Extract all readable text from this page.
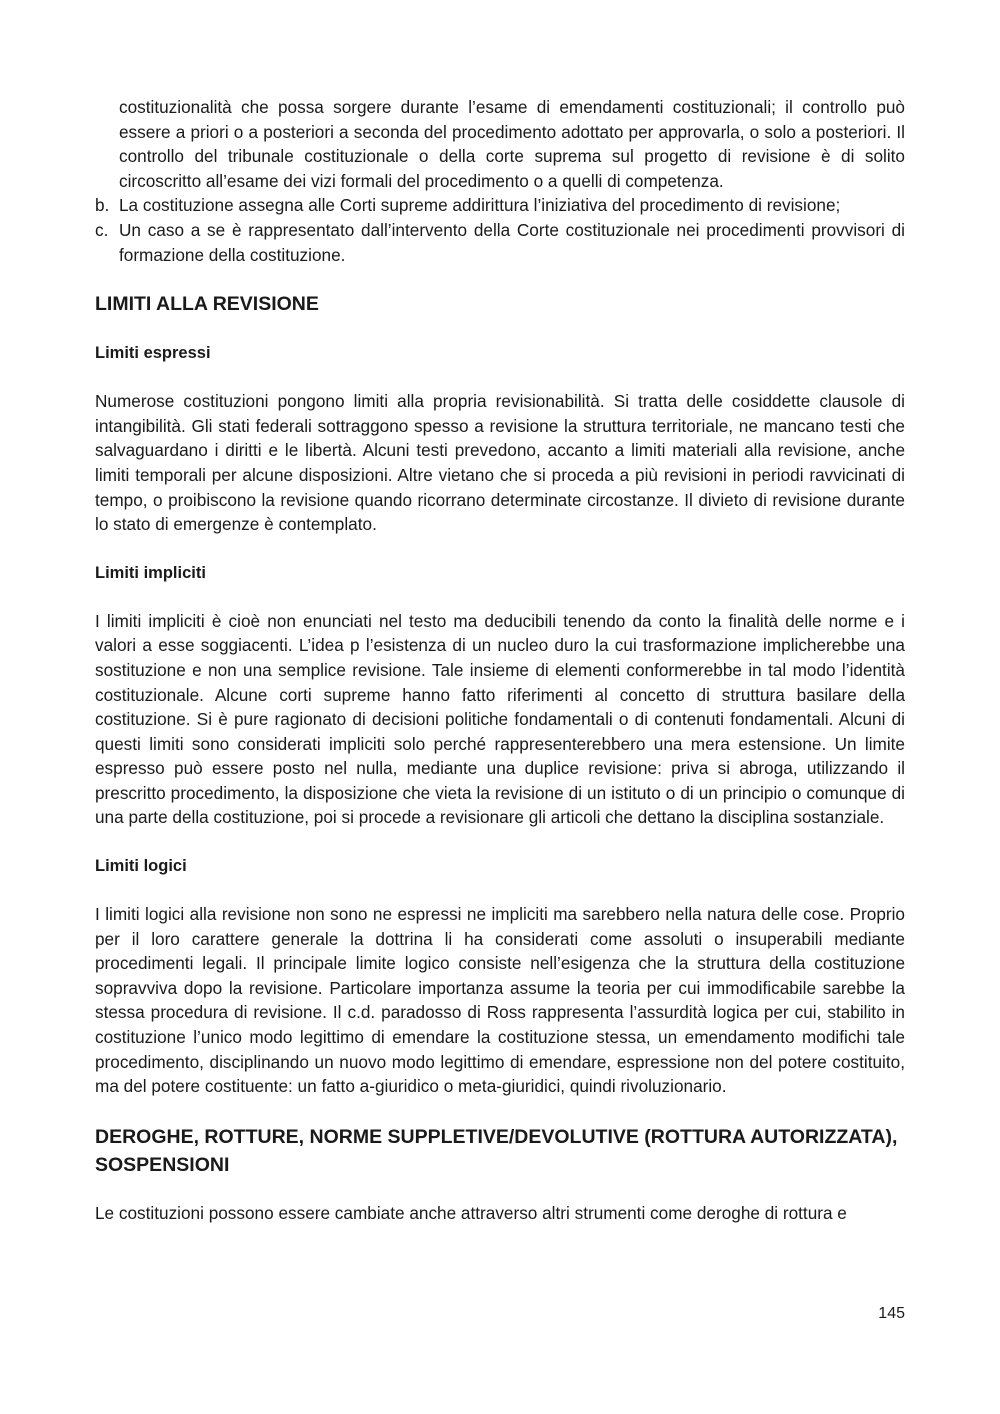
costituzionalità che possa sorgere durante l’esame di emendamenti costituzionali; il controllo può essere a priori o a posteriori a seconda del procedimento adottato per approvarla, o solo a posteriori. Il controllo del tribunale costituzionale o della corte suprema sul progetto di revisione è di solito circoscritto all’esame dei vizi formali del procedimento o a quelli di competenza.
b. La costituzione assegna alle Corti supreme addirittura l’iniziativa del procedimento di revisione;
c. Un caso a se è rappresentato dall’intervento della Corte costituzionale nei procedimenti provvisori di formazione della costituzione.
LIMITI ALLA REVISIONE
Limiti espressi

Numerose costituzioni pongono limiti alla propria revisionabilità. Si tratta delle cosiddette clausole di intangibilità. Gli stati federali sottraggono spesso a revisione la struttura territoriale, ne mancano testi che salvaguardano i diritti e le libertà. Alcuni testi prevedono, accanto a limiti materiali alla revisione, anche limiti temporali per alcune disposizioni. Altre vietano che si proceda a più revisioni in periodi ravvicinati di tempo, o proibiscono la revisione quando ricorrano determinate circostanze. Il divieto di revisione durante lo stato di emergenze è contemplato.

Limiti impliciti

I limiti impliciti è cioè non enunciati nel testo ma deducibili tenendo da conto la finalità delle norme e i valori a esse soggiacenti. L’idea p l’esistenza di un nucleo duro la cui trasformazione implicherebbe una sostituzione e non una semplice revisione. Tale insieme di elementi conformerebbe in tal modo l’identità costituzionale. Alcune corti supreme hanno fatto riferimenti al concetto di struttura basilare della costituzione. Si è pure ragionato di decisioni politiche fondamentali o di contenuti fondamentali. Alcuni di questi limiti sono considerati impliciti solo perché rappresenterebbero una mera estensione. Un limite espresso può essere posto nel nulla, mediante una duplice revisione: priva si abroga, utilizzando il prescritto procedimento, la disposizione che vieta la revisione di un istituto o di un principio o comunque di una parte della costituzione, poi si procede a revisionare gli articoli che dettano la disciplina sostanziale.

Limiti logici

I limiti logici alla revisione non sono ne espressi ne impliciti ma sarebbero nella natura delle cose. Proprio per il loro carattere generale la dottrina li ha considerati come assoluti o insuperabili mediante procedimenti legali. Il principale limite logico consiste nell’esigenza che la struttura della costituzione sopravviva dopo la revisione. Particolare importanza assume la teoria per cui immodificabile sarebbe la stessa procedura di revisione. Il c.d. paradosso di Ross rappresenta l’assurdità logica per cui, stabilito in costituzione l’unico modo legittimo di emendare la costituzione stessa, un emendamento modifichi tale procedimento, disciplinando un nuovo modo legittimo di emendare, espressione non del potere costituito, ma del potere costituente: un fatto a-giuridico o meta-giuridici, quindi rivoluzionario.

DEROGHE, ROTTURE, NORME SUPPLETIVE/DEVOLUTIVE (ROTTURA AUTORIZZATA), SOSPENSIONI

Le costituzioni possono essere cambiate anche attraverso altri strumenti come deroghe di rottura e

145
